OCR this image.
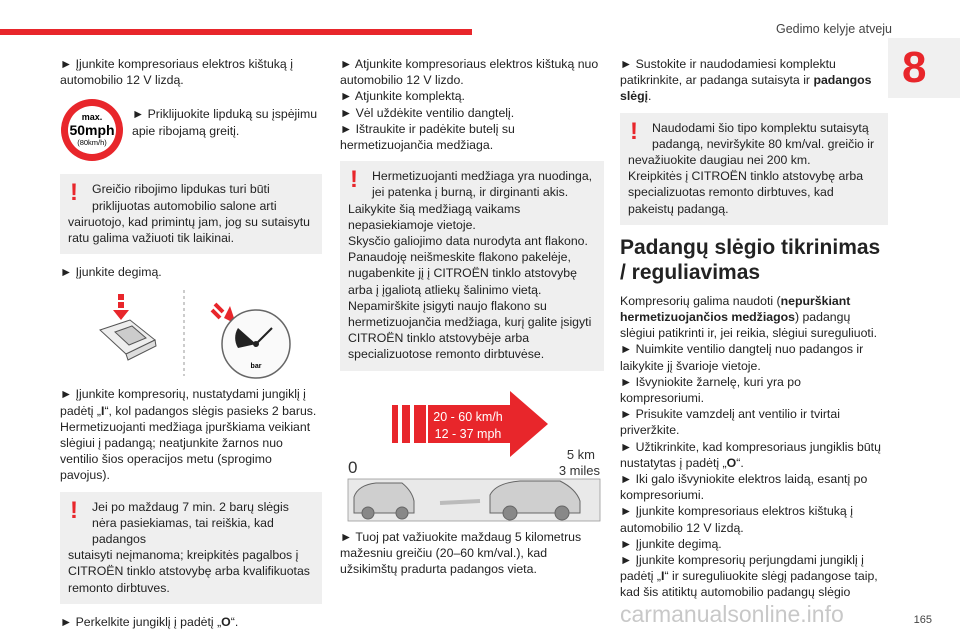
Gedimo kelyje atveju
8

► Įjunkite kompresoriaus elektros kištuką į automobilio 12 V lizdą.

max.
50mph
(80km/h)

► Priklijuokite lipduką su įspėjimu apie ribojamą greitį.

!	Greičio ribojimo lipdukas turi būti priklijuotas automobilio salone arti
vairuotojo, kad primintų jam, jog su sutaisytu ratu galima važiuoti tik laikinai.

► Įjunkite degimą.

bar

► Įjunkite kompresorių, nustatydami jungiklį į padėtį „I“, kol padangos slėgis pasieks 2 barus. Hermetizuojanti medžiaga įpurškiama veikiant slėgiui į padangą; neatjunkite žarnos nuo ventilio šios operacijos metu (sprogimo pavojus).

!	Jei po maždaug 7 min. 2 barų slėgis nėra pasiekiamas, tai reiškia, kad padangos
sutaisyti neįmanoma; kreipkitės pagalbos į CITROËN tinklo atstovybę arba kvalifikuotas remonto dirbtuves.

► Perkelkite jungiklį į padėtį „O“.

► Atjunkite kompresoriaus elektros kištuką nuo automobilio 12 V lizdo.

► Atjunkite komplektą.

► Vėl uždėkite ventilio dangtelį.

► Ištraukite ir padėkite butelį su hermetizuojančia medžiaga.

!	Hermetizuojanti medžiaga yra nuodinga, jei patenka į burną, ir dirginanti akis.
Laikykite šią medžiagą vaikams nepasiekiamoje vietoje.
Skysčio galiojimo data nurodyta ant flakono.
Panaudoję neišmeskite flakono pakelėje, nugabenkite jį į CITROËN tinklo atstovybę arba į įgaliotą atliekų šalinimo vietą.
Nepamirškite įsigyti naujo flakono su hermetizuojančia medžiaga, kurį galite įsigyti CITROËN tinklo atstovybėje arba specializuotose remonto dirbtuvėse.
20 - 60 km/h
12 - 37 mph
0
5 km
3 miles

► Tuoj pat važiuokite maždaug 5 kilometrus mažesniu greičiu (20–60 km/val.), kad užsikimštų pradurta padangos vieta.

► Sustokite ir naudodamiesi komplektu patikrinkite, ar padanga sutaisyta ir padangos slėgį.

!	Naudodami šio tipo komplektu sutaisytą padangą, neviršykite 80 km/val. greičio ir
nevažiuokite daugiau nei 200 km.
Kreipkitės į CITROËN tinklo atstovybę arba specializuotas remonto dirbtuves, kad pakeistų padangą.
Padangų slėgio tikrinimas / reguliavimas

Kompresorių galima naudoti (nepurškiant hermetizuojančios medžiagos) padangų slėgiui patikrinti ir, jei reikia, slėgiui sureguliuoti.

► Nuimkite ventilio dangtelį nuo padangos ir laikykite jį švarioje vietoje.

► Išvyniokite žarnelę, kuri yra po kompresoriumi.

► Prisukite vamzdelį ant ventilio ir tvirtai priveržkite.

► Užtikrinkite, kad kompresoriaus jungiklis būtų nustatytas į padėtį „O“.

► Iki galo išvyniokite elektros laidą, esantį po kompresoriumi.

► Įjunkite kompresoriaus elektros kištuką į automobilio 12 V lizdą.

► Įjunkite degimą.

► Įjunkite kompresorių perjungdami jungiklį į padėtį „I“ ir sureguliuokite slėgį padangose taip, kad šis atitiktų automobilio padangų slėgio

carmanualsonline.info	165
